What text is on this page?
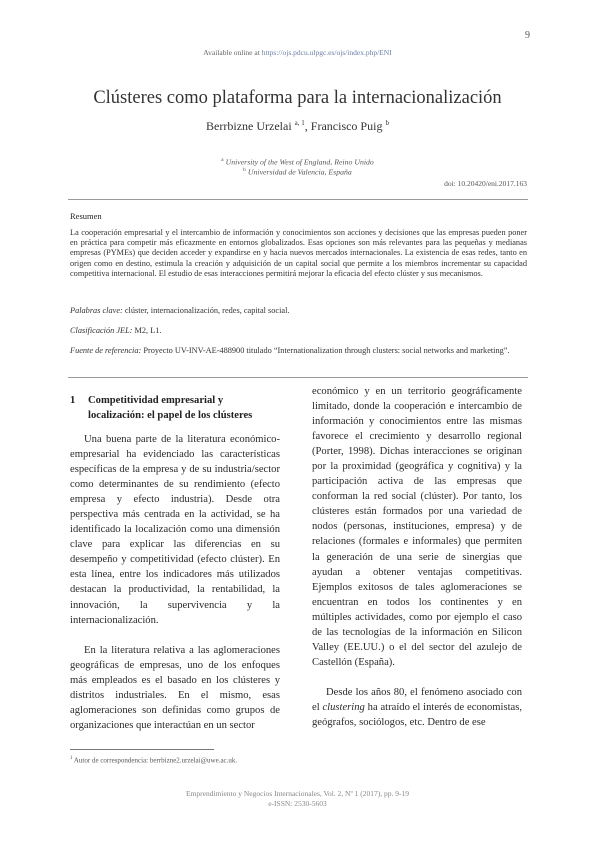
9
Available online at https://ojs.pdcu.ulpgc.es/ojs/index.php/ENI
Clústeres como plataforma para la internacionalización
Berrbizne Urzelai $^{a, 1}$, Francisco Puig $^b$
$^a$ University of the West of England, Reino Unido
$^b$ Universidad de Valencia, España
doi: 10.20420/eni.2017.163
Resumen
La cooperación empresarial y el intercambio de información y conocimientos son acciones y decisiones que las empresas pueden poner en práctica para competir más eficazmente en entornos globalizados. Esas opciones son más relevantes para las pequeñas y medianas empresas (PYMEs) que deciden acceder y expandirse en y hacia nuevos mercados internacionales. La existencia de esas redes, tanto en origen como en destino, estimula la creación y adquisición de un capital social que permite a los miembros incrementar su capacidad competitiva internacional. El estudio de esas interacciones permitirá mejorar la eficacia del efecto clúster y sus mecanismos.
Palabras clave: clúster, internacionalización, redes, capital social.
Clasificación JEL: M2, L1.
Fuente de referencia: Proyecto UV-INV-AE-488900 titulado “Internationalization through clusters: social networks and marketing”.
1	Competitividad empresarial y localización: el papel de los clústeres

Una buena parte de la literatura económico-empresarial ha evidenciado las características específicas de la empresa y de su industria/sector como determinantes de su rendimiento (efecto empresa y efecto industria). Desde otra perspectiva más centrada en la actividad, se ha identificado la localización como una dimensión clave para explicar las diferencias en su desempeño y competitividad (efecto clúster). En esta línea, entre los indicadores más utilizados destacan la productividad, la rentabilidad, la innovación, la supervivencia y la internacionalización.

En la literatura relativa a las aglomeraciones geográficas de empresas, uno de los enfoques más empleados es el basado en los clústeres y distritos industriales. En el mismo, esas aglomeraciones son definidas como grupos de organizaciones que interactúan en un sector

económico y en un territorio geográficamente limitado, donde la cooperación e intercambio de información y conocimientos entre las mismas favorece el crecimiento y desarrollo regional (Porter, 1998). Dichas interacciones se originan por la proximidad (geográfica y cognitiva) y la participación activa de las empresas que conforman la red social (clúster). Por tanto, los clústeres están formados por una variedad de nodos (personas, instituciones, empresa) y de relaciones (formales e informales) que permiten la generación de una serie de sinergias que ayudan a obtener ventajas competitivas. Ejemplos exitosos de tales aglomeraciones se encuentran en todos los continentes y en múltiples actividades, como por ejemplo el caso de las tecnologías de la información en Silicon Valley (EE.UU.) o el del sector del azulejo de Castellón (España).

Desde los años 80, el fenómeno asociado con el clustering ha atraído el interés de economistas, geógrafos, sociólogos, etc. Dentro de ese

$^1$ Autor de correspondencia: berrbizne2.urzelai@uwe.ac.uk.
Emprendimiento y Negocios Internacionales, Vol. 2, Nº 1 (2017), pp. 9-19
e-ISSN: 2530-5603
